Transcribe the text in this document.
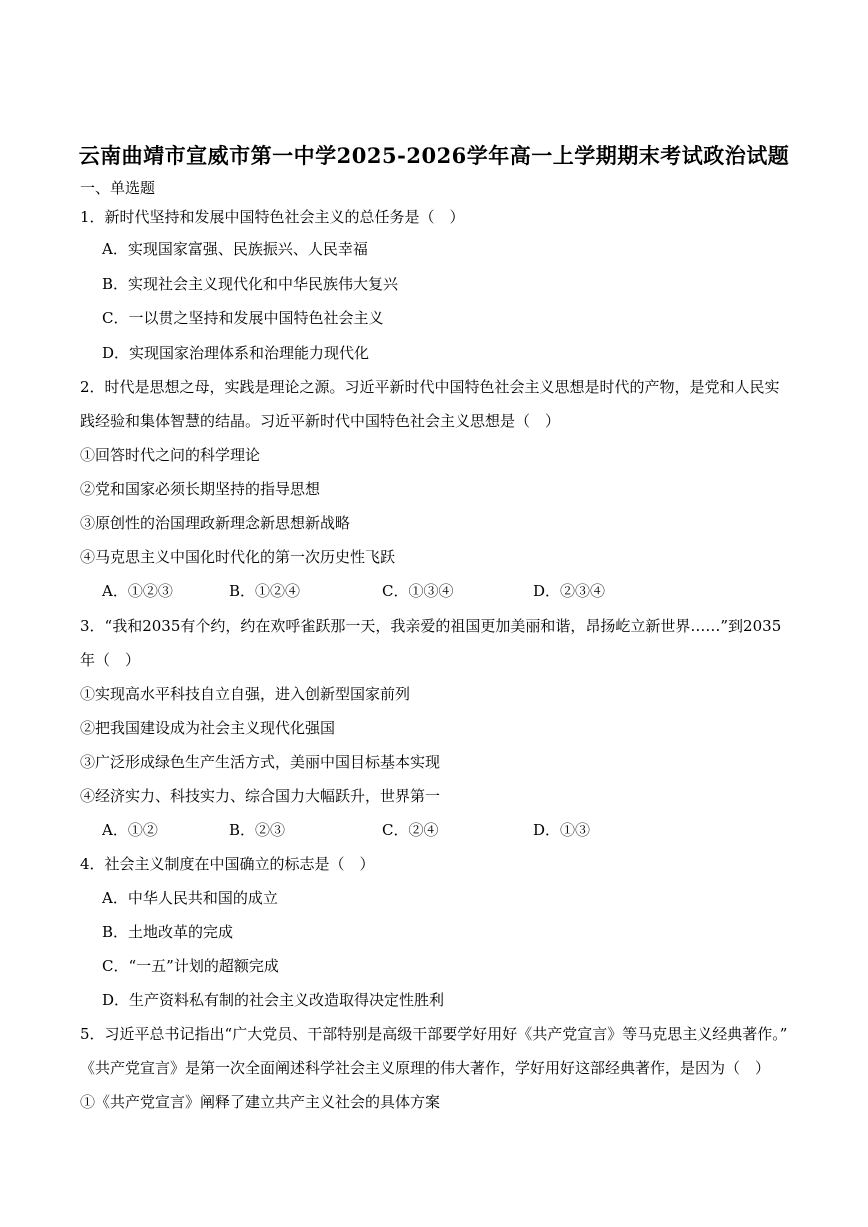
云南曲靖市宣威市第一中学2025-2026学年高一上学期期末考试政治试题
一、单选题
1．新时代坚持和发展中国特色社会主义的总任务是（　）
A．实现国家富强、民族振兴、人民幸福
B．实现社会主义现代化和中华民族伟大复兴
C．一以贯之坚持和发展中国特色社会主义
D．实现国家治理体系和治理能力现代化
2．时代是思想之母，实践是理论之源。习近平新时代中国特色社会主义思想是时代的产物，是党和人民实
践经验和集体智慧的结晶。习近平新时代中国特色社会主义思想是（　）
①回答时代之问的科学理论
②党和国家必须长期坚持的指导思想
③原创性的治国理政新理念新思想新战略
④马克思主义中国化时代化的第一次历史性飞跃
A．①②③	B．①②④	C．①③④	D．②③④
3．“我和2035有个约，约在欢呼雀跃那一天，我亲爱的祖国更加美丽和谐，昂扬屹立新世界……”到2035
年（　）
①实现高水平科技自立自强，进入创新型国家前列
②把我国建设成为社会主义现代化强国
③广泛形成绿色生产生活方式，美丽中国目标基本实现
④经济实力、科技实力、综合国力大幅跃升，世界第一
A．①②	B．②③	C．②④	D．①③
4．社会主义制度在中国确立的标志是（　）
A．中华人民共和国的成立
B．土地改革的完成
C．“一五”计划的超额完成
D．生产资料私有制的社会主义改造取得决定性胜利
5．习近平总书记指出“广大党员、干部特别是高级干部要学好用好《共产党宣言》等马克思主义经典著作。”
《共产党宣言》是第一次全面阐述科学社会主义原理的伟大著作，学好用好这部经典著作，是因为（　）
①《共产党宣言》阐释了建立共产主义社会的具体方案
